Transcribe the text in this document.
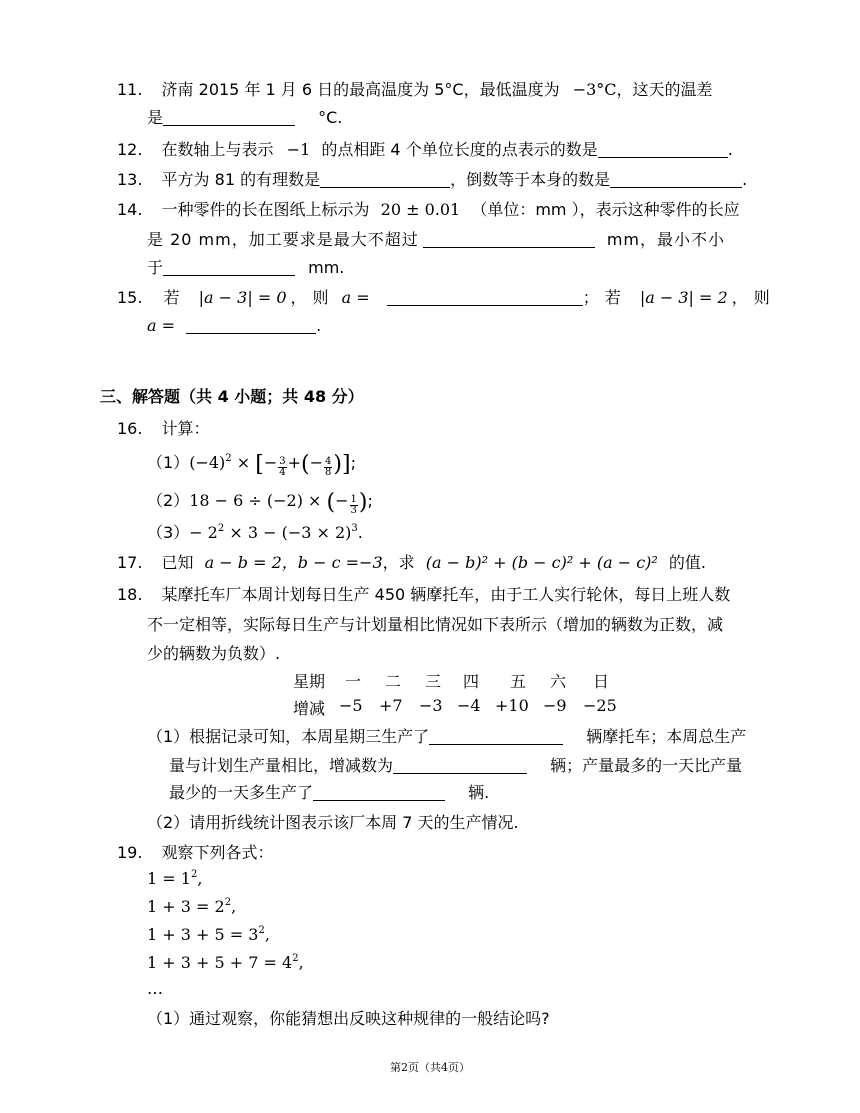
11. 济南 2015 年 1 月 6 日的最高温度为 5°C，最低温度为 −3°C，这天的温差
是	°C.
12. 在数轴上与表示 −1 的点相距 4 个单位长度的点表示的数是	.
13. 平方为 81 的有理数是	，倒数等于本身的数是	.
14. 一种零件的长在图纸上标示为 20 ± 0.01 （单位：mm ），表示这种零件的长应
是 20 mm，加工要求是最大不超过	mm，最小不小
于	mm.
15. 若 |a − 3| = 0 ，则 a =	；若 |a − 3| = 2 ，则
a =	.
三、解答题（共 4 小题；共 48 分）
16. 计算：
$(1)(-4)^2$ × [− $\frac{3}{4}$ +(− $\frac{4}{8}$ )];
（2）18 − 6 ÷ (−2) × (− $\frac{1}{3}$ );
$(3)- 2^2 \times 3 - (-3 \times 2)^3$.
17. 已知 a − b = 2，b − c =−3，求 (a − b)² + (b − c)² + (a − c)² 的值.
18. 某摩托车厂本周计划每日生产 450 辆摩托车，由于工人实行轮休，每日上班人数
不一定相等，实际每日生产与计划量相比情况如下表所示（增加的辆数为正数，减
少的辆数为负数）.
星期 一 二 三 四 五 六 日
增减 −5 +7 −3 −4 +10 −9 −25
（1）根据记录可知，本周星期三生产了	辆摩托车；本周总生产
量与计划生产量相比，增减数为	辆；产量最多的一天比产量
最少的一天多生产了	辆.
（2）请用折线统计图表示该厂本周 7 天的生产情况.
19. 观察下列各式：
$1 = 1^2$,
$1 + 3 = 2^2$,
$1 + 3 + 5 = 3^2$,
$1 + 3 + 5 + 7 = 4^2$,
…
（1）通过观察，你能猜想出反映这种规律的一般结论吗?
第2页（共4页）
